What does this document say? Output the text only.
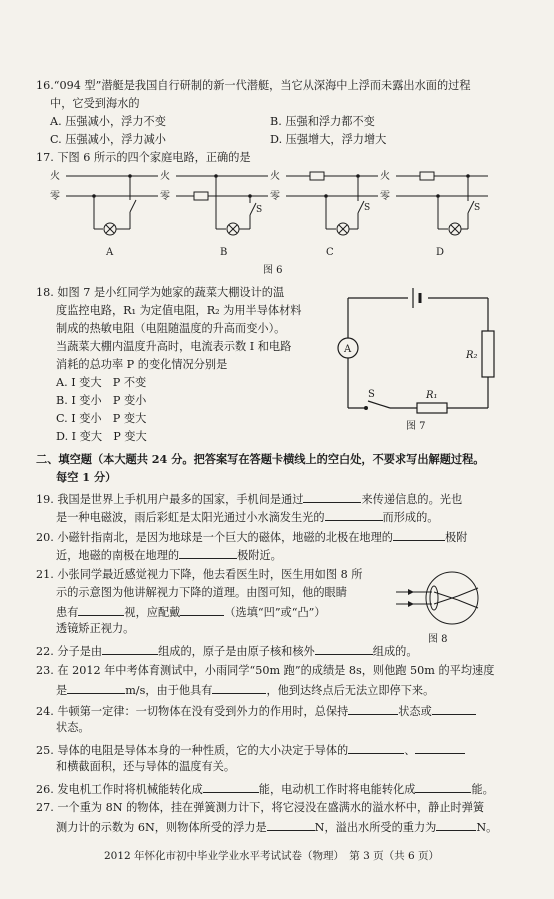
16.“094 型”潜艇是我国自行研制的新一代潜艇，当它从深海中上浮而未露出水面的过程
中，它受到海水的
A. 压强减小，浮力不变	B. 压强和浮力都不变
C. 压强减小，浮力减小	D. 压强增大，浮力增大
17. 下图 6 所示的四个家庭电路，正确的是
火
零
火
零
火
零
火
零
S	S	S
A	B	C	D
图 6
18. 如图 7 是小红同学为她家的蔬菜大棚设计的温
度监控电路，R₁ 为定值电阻，R₂ 为用半导体材料
制成的热敏电阻（电阻随温度的升高而变小）。
当蔬菜大棚内温度升高时，电流表示数 I 和电路
消耗的总功率 P 的变化情况分别是
A. I 变大　P 不变
B. I 变小　P 变小
C. I 变小　P 变大
D. I 变大　P 变大
A
R₁
R₂
S
图 7
二、填空题（本大题共 24 分。把答案写在答题卡横线上的空白处，不要求写出解题过程。
每空 1 分）
19. 我国是世界上手机用户最多的国家，手机间是通过	来传递信息的。光也
是一种电磁波，雨后彩虹是太阳光通过小水滴发生光的	而形成的。
20. 小磁针指南北，是因为地球是一个巨大的磁体，地磁的北极在地理的	极附
近，地磁的南极在地理的	极附近。
21. 小张同学最近感觉视力下降，他去看医生时，医生用如图 8 所
示的示意图为他讲解视力下降的道理。由图可知，他的眼睛
患有	视，应配戴	（选填“凹”或“凸”）
透镜矫正视力。
图 8
22. 分子是由	组成的，原子是由原子核和核外	组成的。
23. 在 2012 年中考体育测试中，小雨同学“50m 跑”的成绩是 8s，则他跑 50m 的平均速度
是	m/s，由于他具有	，他到达终点后无法立即停下来。
24. 牛顿第一定律：一切物体在没有受到外力的作用时，总保持	状态或
状态。
25. 导体的电阻是导体本身的一种性质，它的大小决定于导体的	、
和横截面积，还与导体的温度有关。
26. 发电机工作时将机械能转化成	能，电动机工作时将电能转化成	能。
27. 一个重为 8N 的物体，挂在弹簧测力计下，将它浸没在盛满水的溢水杯中，静止时弹簧
测力计的示数为 6N，则物体所受的浮力是	N，溢出水所受的重力为	N。
2012 年怀化市初中毕业学业水平考试试卷（物理）　第 3 页（共 6 页）
